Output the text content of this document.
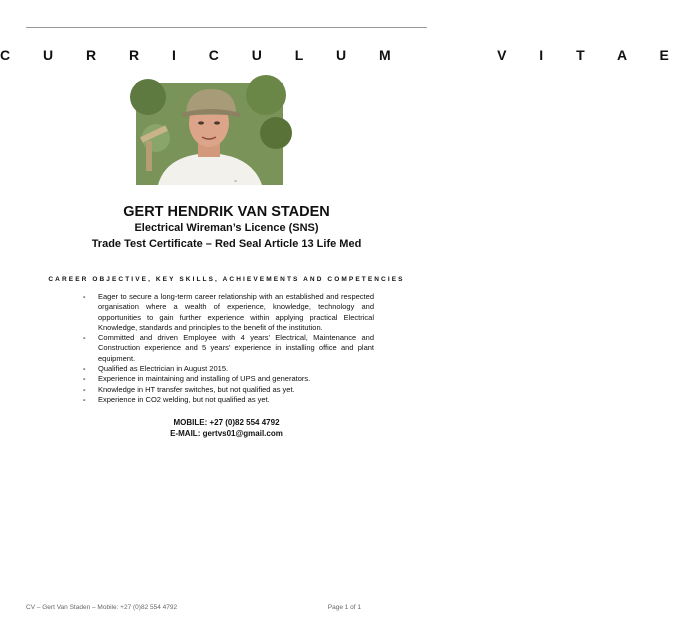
C U R R I C U L U M     V I T A E
~
GERT HENDRIK VAN STADEN
Electrical Wireman’s Licence (SNS)
Trade Test Certificate – Red Seal Article 13 Life Med
CAREER OBJECTIVE, KEY SKILLS, ACHIEVEMENTS AND COMPETENCIES
- Eager to secure a long-term career relationship with an established and respected organisation where a wealth of experience, knowledge, technology and opportunities to gain further experience within applying practical Electrical Knowledge, standards and principles to the benefit of the institution.
- Committed and driven Employee with 4 years’ Electrical, Maintenance and Construction experience and 5 years’ experience in installing office and plant equipment.
- Qualified as Electrician in August 2015.
- Experience in maintaining and installing of UPS and generators.
- Knowledge in HT transfer switches, but not qualified as yet.
- Experience in CO2 welding, but not qualified as yet.
MOBILE: +27 (0)82 554 4792
E-MAIL: gertvs01@gmail.com
CV – Gert Van Staden – Mobile: +27 (0)82 554 4792	Page 1 of 1
